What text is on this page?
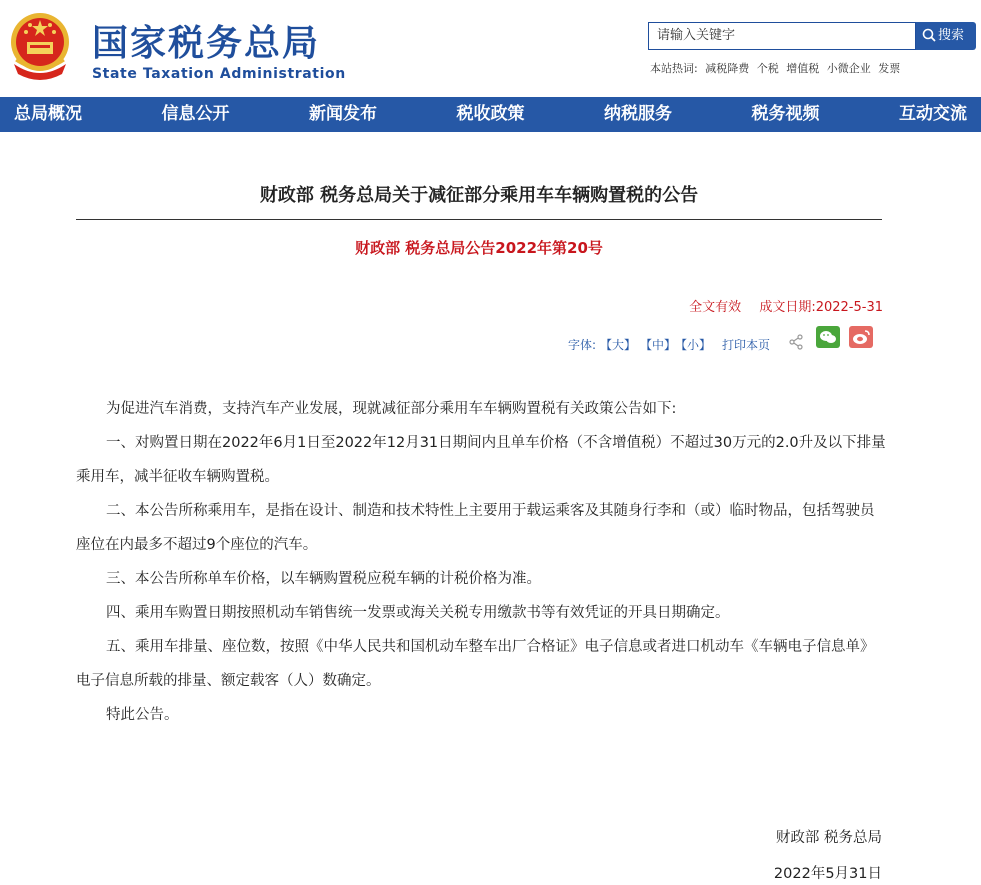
国家税务总局
State Taxation Administration
请输入关键字	搜索
本站热词: 减税降费 个税 增值税 小微企业 发票
总局概况	信息公开	新闻发布	税收政策	纳税服务	税务视频	互动交流
财政部 税务总局关于减征部分乘用车车辆购置税的公告
财政部 税务总局公告2022年第20号
全文有效 成文日期:2022-5-31
字体: 【大】 【中】
【小】 打印本页

为促进汽车消费，支持汽车产业发展，现就减征部分乘用车车辆购置税有关政策公告如下:

一、对购置日期在2022年6月1日至2022年12月31日期间内且单车价格（不含增值税）不超过30万元的2.0升及以下排量乘用车，减半征收车辆购置税。

二、本公告所称乘用车，是指在设计、制造和技术特性上主要用于载运乘客及其随身行李和（或）临时物品，包括驾驶员座位在内最多不超过9个座位的汽车。

三、本公告所称单车价格，以车辆购置税应税车辆的计税价格为准。

四、乘用车购置日期按照机动车销售统一发票或海关关税专用缴款书等有效凭证的开具日期确定。

五、乘用车排量、座位数，按照《中华人民共和国机动车整车出厂合格证》电子信息或者进口机动车《车辆电子信息单》电子信息所载的排量、额定载客（人）数确定。

特此公告。

财政部 税务总局
2022年5月31日
